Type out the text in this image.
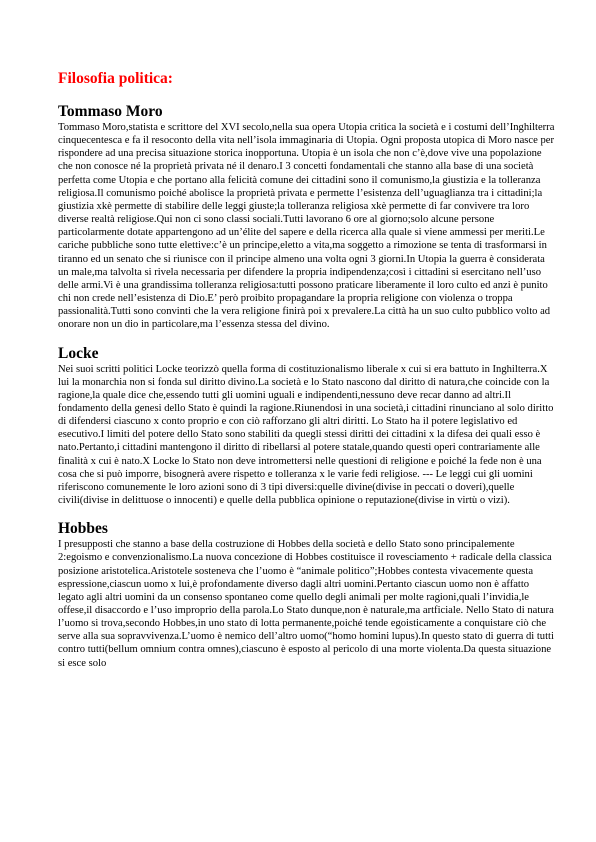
Filosofia politica:
Tommaso Moro

Tommaso Moro,statista e scrittore del XVI secolo,nella sua opera Utopia critica la società e i costumi dell’Inghilterra cinquecentesca e fa il resoconto della vita nell’isola immaginaria di Utopia. Ogni proposta utopica di Moro nasce per rispondere ad una precisa situazione storica inopportuna. Utopia è un isola che non c’è,dove vive una popolazione che non conosce né la proprietà privata né il denaro.I 3 concetti fondamentali che stanno alla base di una società perfetta come Utopia e che portano alla felicità comune dei cittadini sono il comunismo,la giustizia e la tolleranza religiosa.Il comunismo poiché abolisce la proprietà privata e permette l’esistenza dell’uguaglianza tra i cittadini;la giustizia xkè permette di stabilire delle leggi giuste;la tolleranza religiosa xkè permette di far convivere tra loro diverse realtà religiose.Qui non ci sono classi sociali.Tutti lavorano 6 ore al giorno;solo alcune persone particolarmente dotate appartengono ad un’élite del sapere e della ricerca alla quale si viene ammessi per meriti.Le cariche pubbliche sono tutte elettive:c’è un principe,eletto a vita,ma soggetto a rimozione se tenta di trasformarsi in tiranno ed un senato che si riunisce con il principe almeno una volta ogni 3 giorni.In Utopia la guerra è considerata un male,ma talvolta si rivela necessaria per difendere la propria indipendenza;così i cittadini si esercitano nell’uso delle armi.Vi è una grandissima tolleranza religiosa:tutti possono praticare liberamente il loro culto ed anzi è punito chi non crede nell’esistenza di Dio.E’ però proibito propagandare la propria religione con violenza o troppa passionalità.Tutti sono convinti che la vera religione finirà poi x prevalere.La città ha un suo culto pubblico volto ad onorare non un dio in particolare,ma l’essenza stessa del divino.

Locke

Nei suoi scritti politici Locke teorizzò quella forma di costituzionalismo liberale x cui si era battuto in Inghilterra.X lui la monarchia non si fonda sul diritto divino.La società e lo Stato nascono dal diritto di natura,che coincide con la ragione,la quale dice che,essendo tutti gli uomini uguali e indipendenti,nessuno deve recar danno ad altri.Il fondamento della genesi dello Stato è quindi la ragione.Riunendosi in una società,i cittadini rinunciano al solo diritto di difendersi ciascuno x conto proprio e con ciò rafforzano gli altri diritti. Lo Stato ha il potere legislativo ed esecutivo.I limiti del potere dello Stato sono stabiliti da quegli stessi diritti dei cittadini x la difesa dei quali esso è nato.Pertanto,i cittadini mantengono il diritto di ribellarsi al potere statale,quando questi operi contrariamente alle finalità x cui è nato.X Locke lo Stato non deve intromettersi nelle questioni di religione e poiché la fede non è una cosa che si può imporre, bisognerà avere rispetto e tolleranza x le varie fedi religiose. --- Le leggi cui gli uomini riferiscono comunemente le loro azioni sono di 3 tipi diversi:quelle divine(divise in peccati o doveri),quelle civili(divise in delittuose o innocenti) e quelle della pubblica opinione o reputazione(divise in virtù o vizi).

Hobbes

I presupposti che stanno a base della costruzione di Hobbes della società e dello Stato sono principalemente 2:egoismo e convenzionalismo.La nuova concezione di Hobbes costituisce il rovesciamento + radicale della classica posizione aristotelica.Aristotele sosteneva che l’uomo è “animale politico”;Hobbes contesta vivacemente questa espressione,ciascun uomo x lui,è profondamente diverso dagli altri uomini.Pertanto ciascun uomo non è affatto legato agli altri uomini da un consenso spontaneo come quello degli animali per molte ragioni,quali l’invidia,le offese,il disaccordo e l’uso improprio della parola.Lo Stato dunque,non è naturale,ma artficiale. Nello Stato di natura l’uomo si trova,secondo Hobbes,in uno stato di lotta permanente,poiché tende egoisticamente a conquistare ciò che serve alla sua sopravvivenza.L’uomo è nemico dell’altro uomo(“homo homini lupus).In questo stato di guerra di tutti contro tutti(bellum omnium contra omnes),ciascuno è esposto al pericolo di una morte violenta.Da questa situazione si esce solo
